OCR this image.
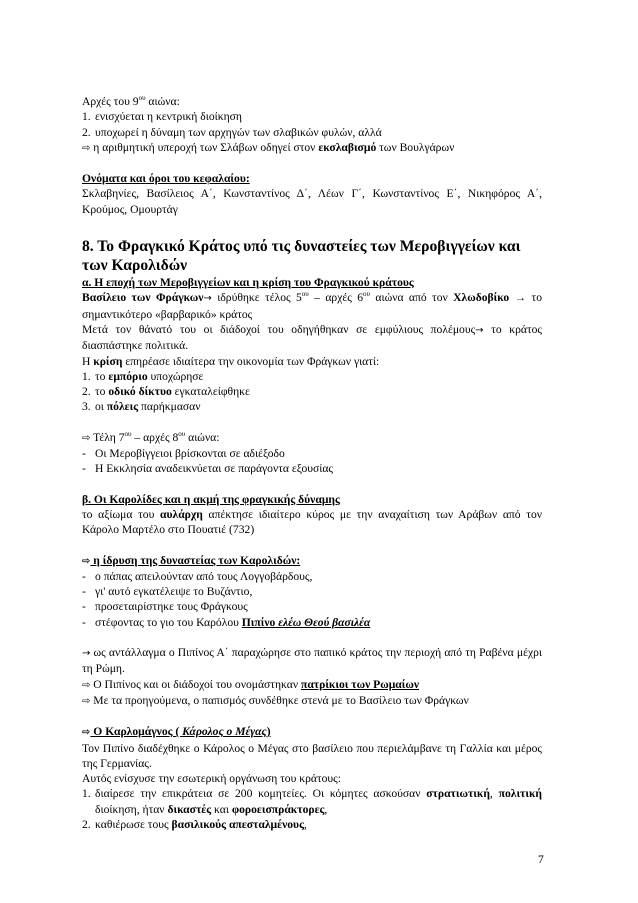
Αρχές του $9^{o\upsilon}$ αιώνα:

1. ενισχύεται η κεντρική διοίκηση
2. υποχωρεί η δύναμη των αρχηγών των σλαβικών φυλών, αλλά

⇨ η αριθμητική υπεροχή των Σλάβων οδηγεί στον εκσλαβισμό των Βουλγάρων

Ονόματα και όροι του κεφαλαίου:

Σκλαβηνίες, Βασίλειος Α΄, Κωνσταντίνος Δ΄, Λέων Γ΄, Κωνσταντίνος Ε΄, Νικηφόρος Α΄, Κρούμος, Ομουρτάγ

8. Το Φραγκικό Κράτος υπό τις δυναστείες των Μεροβιγγείων και των Καρολιδών

α. Η εποχή των Μεροβιγγείων και η κρίση του Φραγκικού κράτους

Βασίλειο των Φράγκων→ ιδρύθηκε τέλος $5^{o\upsilon}$ – αρχές $6^{o\upsilon}$ αιώνα από τον Χλωδοβίκο → το σημαντικότερο «βαρβαρικό» κράτος

Μετά τον θάνατό του οι διάδοχοί του οδηγήθηκαν σε εμφύλιους πολέμους→ το κράτος διασπάστηκε πολιτικά.

Η κρίση επηρέασε ιδιαίτερα την οικονομία των Φράγκων γιατί:

1. το εμπόριο υποχώρησε
2. το οδικό δίκτυο εγκαταλείφθηκε
3. οι πόλεις παρήκμασαν

⇨ Τέλη $7^{o\upsilon}$ – αρχές $8^{o\upsilon}$ αιώνα:

- Οι Μεροβίγγειοι βρίσκονται σε αδιέξοδο
- Η Εκκλησία αναδεικνύεται σε παράγοντα εξουσίας

β. Οι Καρολίδες και η ακμή της φραγκικής δύναμης

το αξίωμα του αυλάρχη απέκτησε ιδιαίτερο κύρος με την αναχαίτιση των Αράβων από τον Κάρολο Μαρτέλο στο Πουατιέ (732)

⇨ η ίδρυση της δυναστείας των Καρολιδών:

- ο πάπας απειλούνταν από τους Λογγοβάρδους,
- γι' αυτό εγκατέλειψε το Βυζάντιο,
- προσεταιρίστηκε τους Φράγκους
- στέφοντας το γιο του Καρόλου Πιπίνο ελέω Θεού βασιλέα

→ ως αντάλλαγμα ο Πιπίνος Α΄ παραχώρησε στο παπικό κράτος την περιοχή από τη Ραβένα μέχρι τη Ρώμη.

⇨ Ο Πιπίνος και οι διάδοχοί του ονομάστηκαν πατρίκιοι των Ρωμαίων

⇨ Με τα προηγούμενα, ο παπισμός συνδέθηκε στενά με το Βασίλειο των Φράγκων

⇨ Ο Καρλομάγνος ( Κάρολος ο Μέγας)

Τον Πιπίνο διαδέχθηκε ο Κάρολος ο Μέγας στο βασίλειο που περιελάμβανε τη Γαλλία και μέρος της Γερμανίας.

Αυτός ενίσχυσε την εσωτερική οργάνωση του κράτους:

1. διαίρεσε την επικράτεια σε 200 κομητείες. Οι κόμητες ασκούσαν στρατιωτική, πολιτική διοίκηση, ήταν δικαστές και φοροεισπράκτορες,
2. καθιέρωσε τους βασιλικούς απεσταλμένους,
7
